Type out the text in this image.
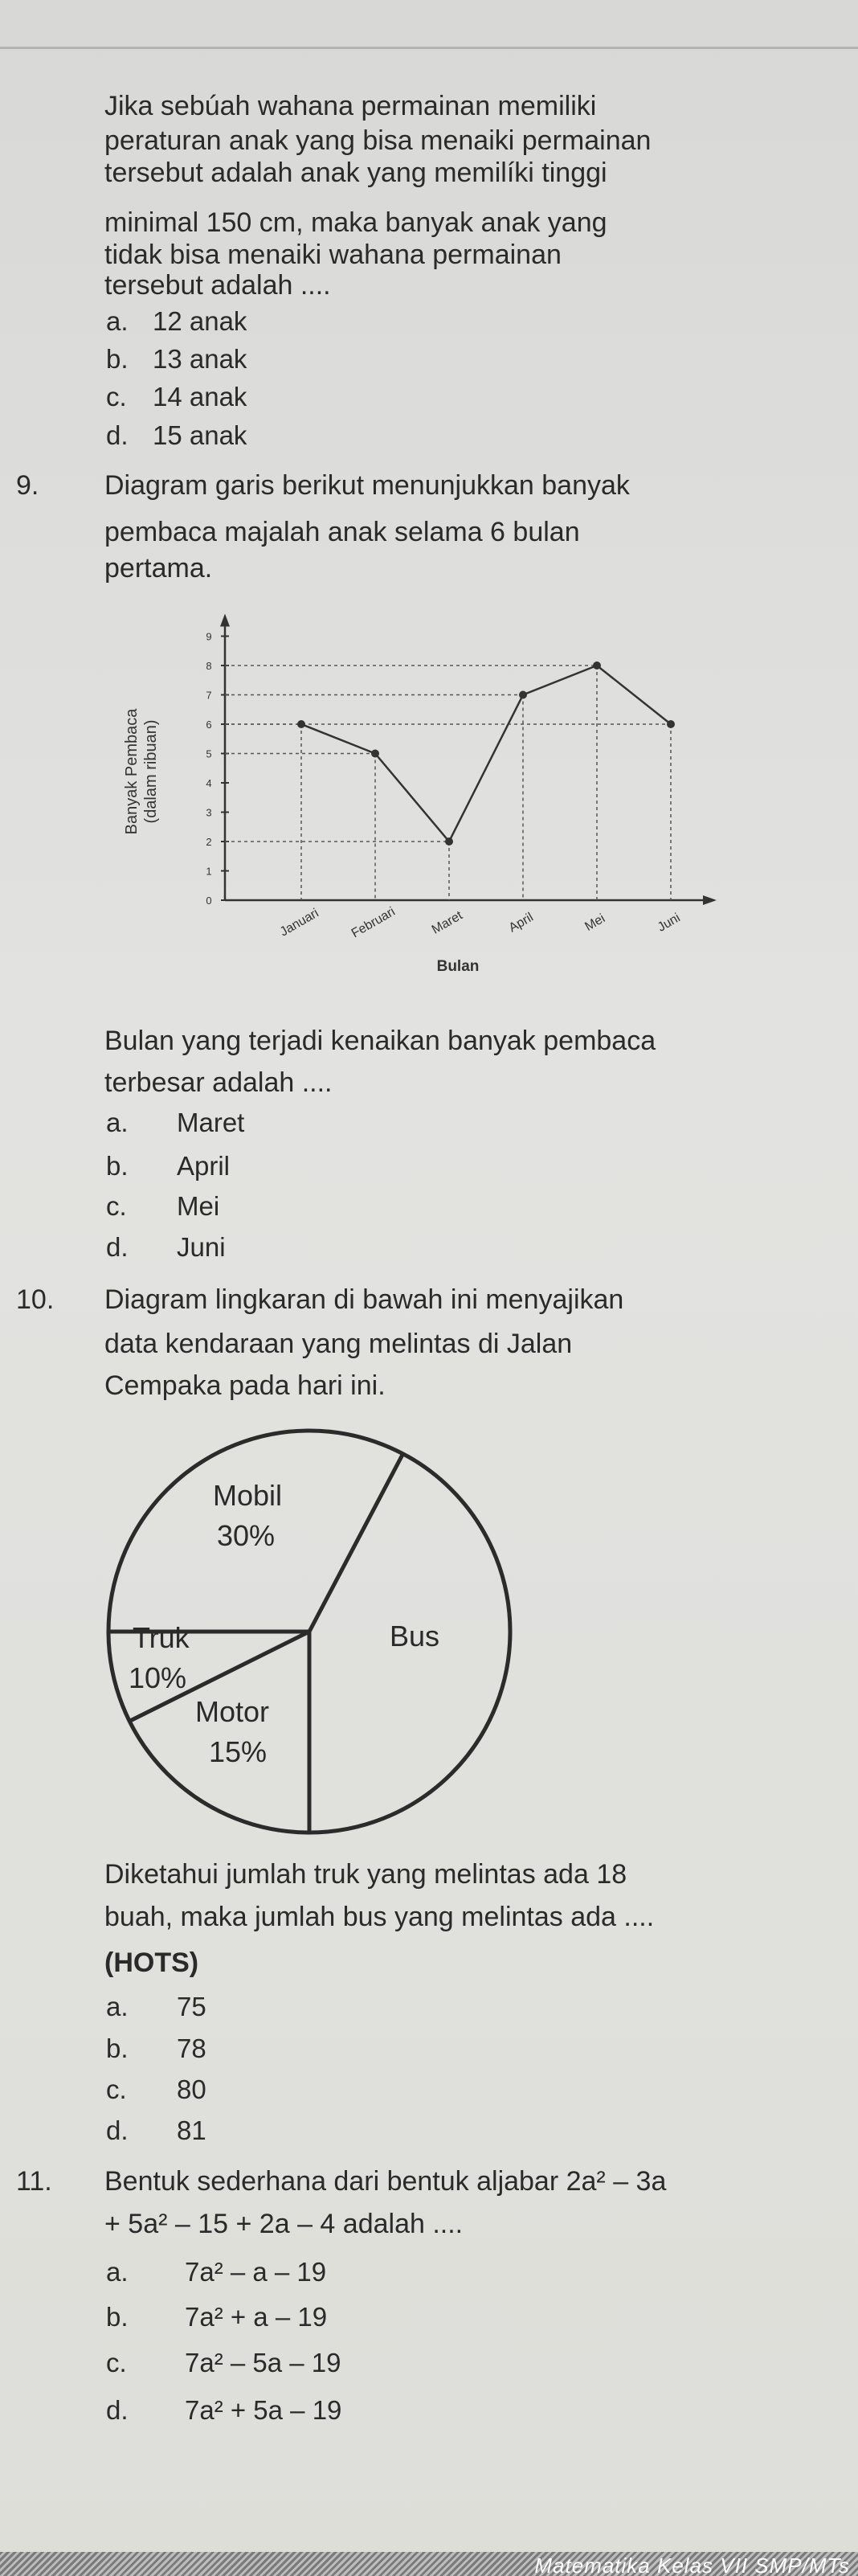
Jika sebúah wahana permainan memiliki
peraturan anak yang bisa menaiki permainan
tersebut adalah anak yang memilíki tinggi
minimal 150 cm, maka banyak anak yang
tidak bisa menaiki wahana permainan
tersebut adalah ....
a. 12 anak
b. 13 anak
c. 14 anak
d. 15 anak
9. Diagram garis berikut menunjukkan banyak
pembaca majalah anak selama 6 bulan
pertama.
0
1
2
3
4
5
6
7
8
9
Banyak Pembaca (dalam ribuan)
Januari Februari Maret	April	Mei	Juni
Bulan
Bulan yang terjadi kenaikan banyak pembaca
terbesar adalah ....
a. Maret
b. April
c. Mei
d. Juni
10. Diagram lingkaran di bawah ini menyajikan
data kendaraan yang melintas di Jalan
Cempaka pada hari ini.
Mobil
30%
Truk
10%
Motor
15%
Bus
Diketahui jumlah truk yang melintas ada 18
buah, maka jumlah bus yang melintas ada ....
(HOTS)
a. 75
b. 78
c. 80
d. 81
11. Bentuk sederhana dari bentuk aljabar 2a² – 3a
+ 5a² – 15 + 2a – 4 adalah ....
a. 7a² – a – 19
b. 7a² + a – 19
c. 7a² – 5a – 19
d. 7a² + 5a – 19
Matematika Kelas VII SMP/MTs
